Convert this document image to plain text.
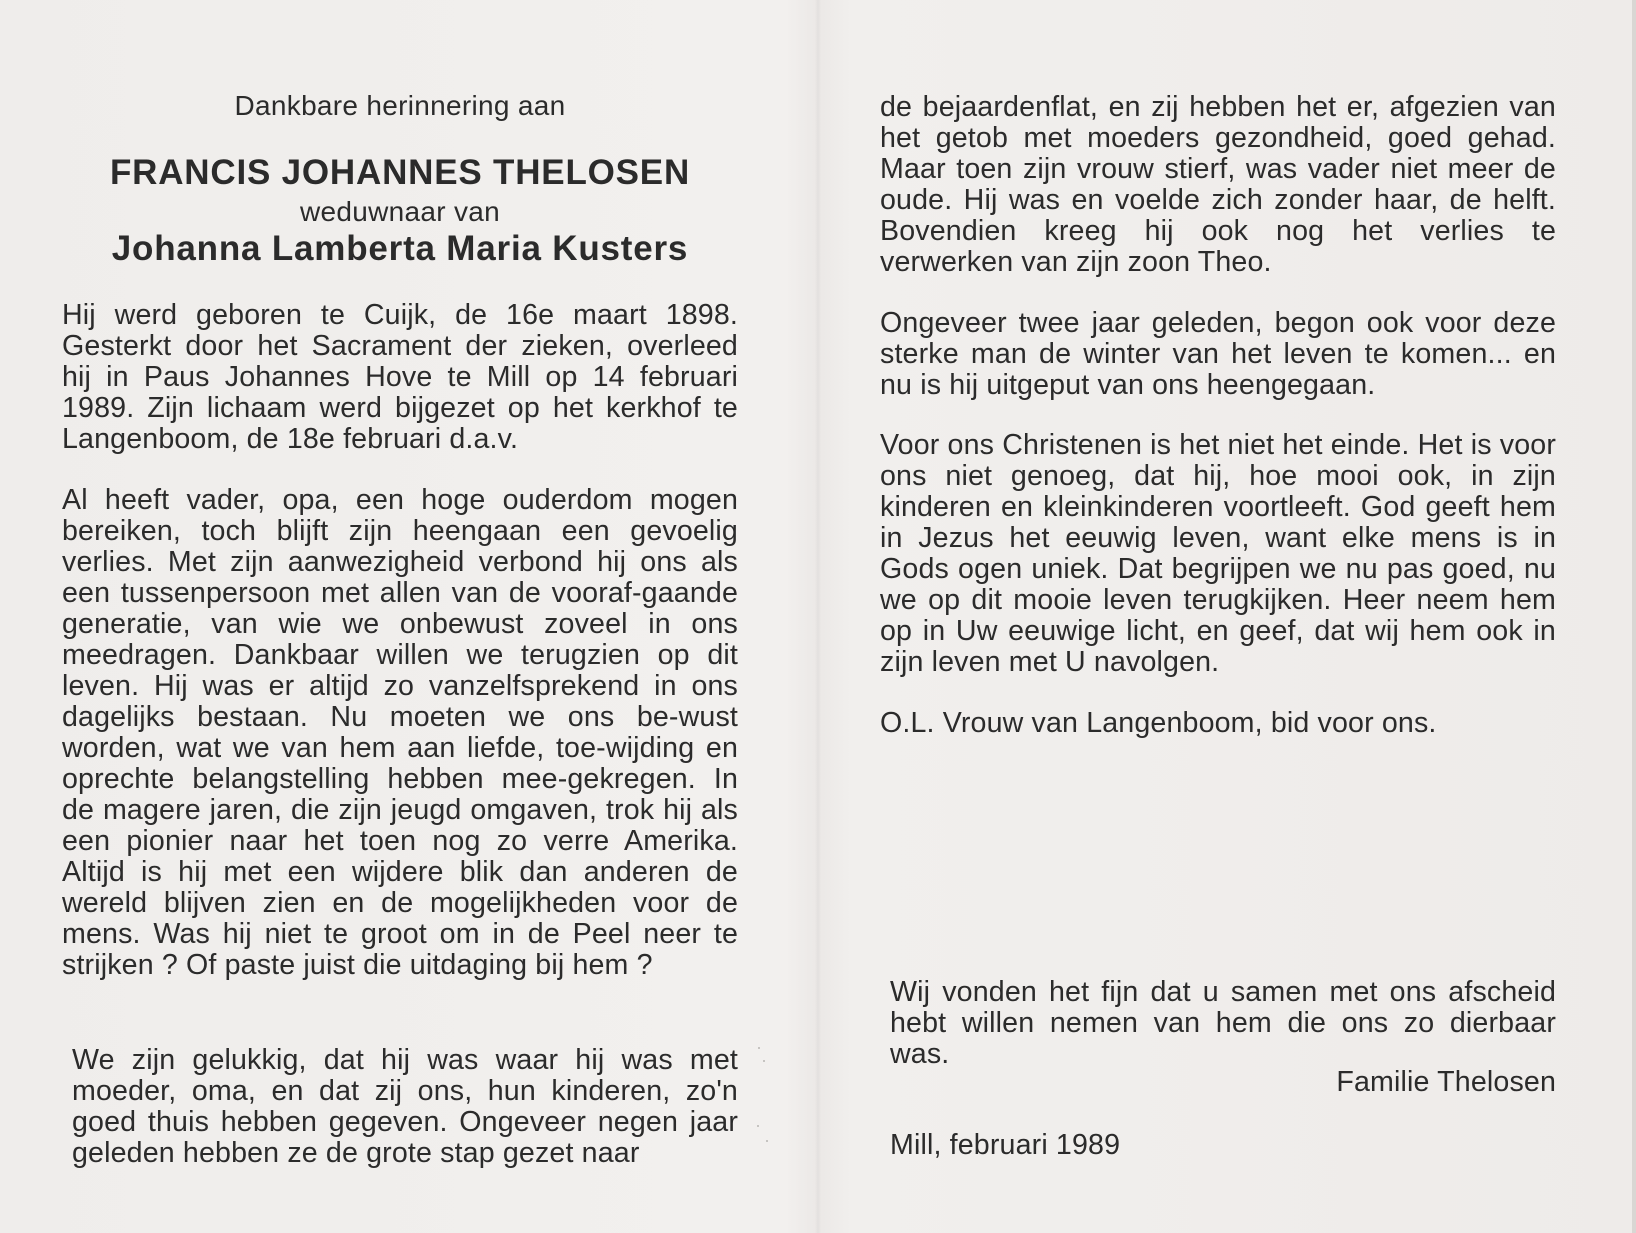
Dankbare herinnering aan
FRANCIS JOHANNES THELOSEN
weduwnaar van
Johanna Lamberta Maria Kusters

Hij werd geboren te Cuijk, de 16e maart 1898. Gesterkt door het Sacrament der zieken, overleed hij in Paus Johannes Hove te Mill op 14 februari 1989. Zijn lichaam werd bijgezet op het kerkhof te Langenboom, de 18e februari d.a.v.

Al heeft vader, opa, een hoge ouderdom mogen bereiken, toch blijft zijn heengaan een gevoelig verlies. Met zijn aanwezigheid verbond hij ons als een tussenpersoon met allen van de vooraf-gaande generatie, van wie we onbewust zoveel in ons meedragen. Dankbaar willen we terugzien op dit leven. Hij was er altijd zo vanzelfsprekend in ons dagelijks bestaan. Nu moeten we ons be-wust worden, wat we van hem aan liefde, toe-wijding en oprechte belangstelling hebben mee-gekregen. In de magere jaren, die zijn jeugd omgaven, trok hij als een pionier naar het toen nog zo verre Amerika. Altijd is hij met een wijdere blik dan anderen de wereld blijven zien en de mogelijkheden voor de mens. Was hij niet te groot om in de Peel neer te strijken ? Of paste juist die uitdaging bij hem ?

We zijn gelukkig, dat hij was waar hij was met moeder, oma, en dat zij ons, hun kinderen, zo'n goed thuis hebben gegeven. Ongeveer negen jaar geleden hebben ze de grote stap gezet naar

de bejaardenflat, en zij hebben het er, afgezien van het getob met moeders gezondheid, goed gehad. Maar toen zijn vrouw stierf, was vader niet meer de oude. Hij was en voelde zich zonder haar, de helft. Bovendien kreeg hij ook nog het verlies te verwerken van zijn zoon Theo.

Ongeveer twee jaar geleden, begon ook voor deze sterke man de winter van het leven te komen... en nu is hij uitgeput van ons heengegaan.

Voor ons Christenen is het niet het einde. Het is voor ons niet genoeg, dat hij, hoe mooi ook, in zijn kinderen en kleinkinderen voortleeft. God geeft hem in Jezus het eeuwig leven, want elke mens is in Gods ogen uniek. Dat begrijpen we nu pas goed, nu we op dit mooie leven terugkijken. Heer neem hem op in Uw eeuwige licht, en geef, dat wij hem ook in zijn leven met U navolgen.

O.L. Vrouw van Langenboom, bid voor ons.

Wij vonden het fijn dat u samen met ons afscheid hebt willen nemen van hem die ons zo dierbaar was.

Familie Thelosen
Mill, februari 1989
